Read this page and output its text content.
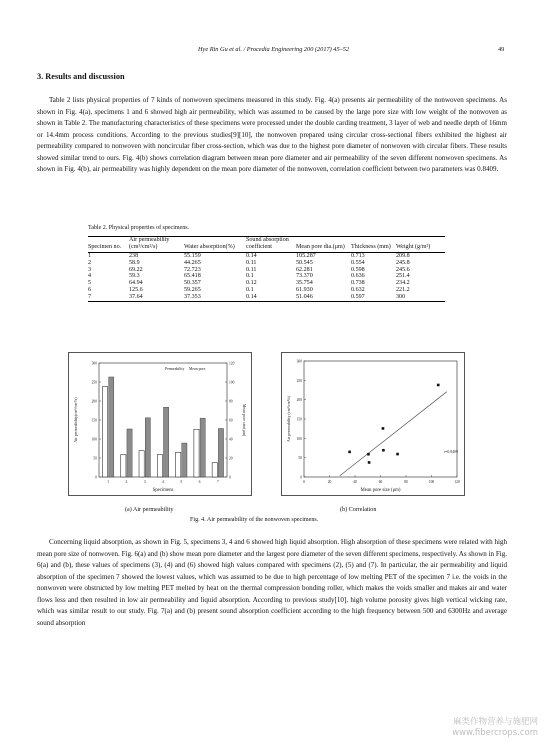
Hye Rin Gu et al. / Procedia Engineering 200 (2017) 45–52	49
3. Results and discussion

Table 2 lists physical properties of 7 kinds of nonwoven specimens measured in this study. Fig. 4(a) presents air permeability of the nonwoven specimens. As shown in Fig. 4(a), specimens 1 and 6 showed high air permeability, which was assumed to be caused by the large pore size with low weight of the nonwoven as shown in Table 2. The manufacturing characteristics of these specimens were processed under the double carding treatment, 3 layer of web and needle depth of 16mm or 14.4mm process conditions. According to the previous studies[9][10], the nonwoven prepared using circular cross-sectional fibers exhibited the highest air permeability compared to nonwoven with noncircular fiber cross-section, which was due to the highest pore diameter of nonwoven with circular fibers. These results showed similar trend to ours. Fig. 4(b) shows correlation diagram between mean pore diameter and air permeability of the seven different nonwoven specimens. As shown in Fig. 4(b), air permeability was highly dependent on the mean pore diameter of the nonwoven, correlation coefficient between two parameters was 0.8409.

Table 2. Physical properties of specimens.
Specimen no.	Air permeability (cm³/cm²/s)	Water absorption(%)	Sound absorption coefficient	Mean pore dia.(μm)	Thickness (mm)	Weight (g/m²)
1	238	55.159	0.14	105.287	0.713	209.8
2	58.9	44.265	0.11	50.545	0.554	245.8
3	69.22	72.723	0.11	62.281	0.598	245.6
4	59.3	65.418	0.1	73.370	0.636	251.4
5	64.94	50.357	0.12	35.754	0.738	234.2
6	125.6	59.265	0.1	61.930	0.632	221.2
7	37.64	37.353	0.14	51.046	0.597	300
0
50
100
150
200
250
300
0
20
40
60
80
100
120
1	2	3	4	5	6	7
Permeability Mean pore
Specimens
Air permeability(cm³/cm²/s)	Mean pore size(μm)
0
50
100
150
200
250
300
0	20	40	60	80	100	120
r=0.8409
Mean pore size (μm)
Air permeability (cm³/cm²/s)
(a) Air permeability	(b) Correlation
Fig. 4. Air permeability of the nonwoven specimens.

Concerning liquid absorption, as shown in Fig. 5, specimens 3, 4 and 6 showed high liquid absorption. High absorption of these specimens were related with high mean pore size of nonwoven. Fig. 6(a) and (b) show mean pore diameter and the largest pore diameter of the seven different specimens, respectively. As shown in Fig. 6(a) and (b), these values of specimens (3), (4) and (6) showed high values compared with specimens (2), (5) and (7). In particular, the air permeability and liquid absorption of the specimen 7 showed the lowest values, which was assumed to be due to high percentage of low melting PET of the specimen 7 i.e. the voids in the nonwoven were obstructed by low melting PET melted by heat on the thermal compression bonding roller, which makes the voids smaller and makes air and water flows less and then resulted in low air permeability and liquid absorption. According to previous study[10], high volume porosity gives high vertical wicking rate, which was similar result to our study. Fig. 7(a) and (b) present sound absorption coefficient according to the high frequency between 500 and 6300Hz and average sound absorption

麻类作物营养与施肥网
www.fibercrops.com
